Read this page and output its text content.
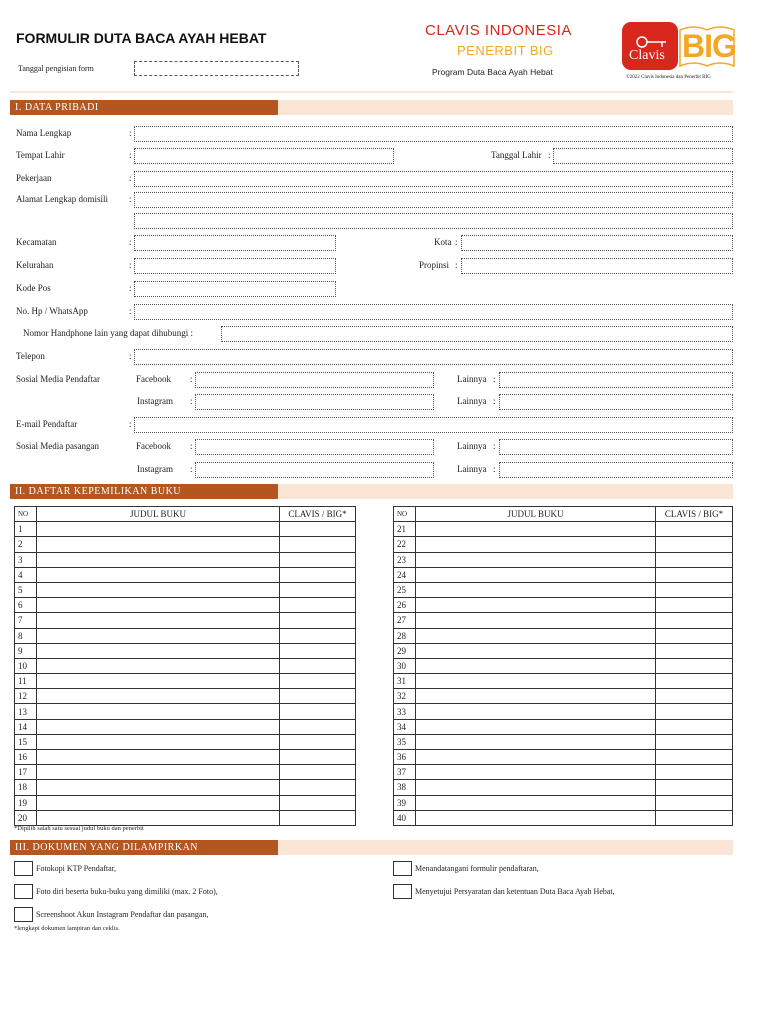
FORMULIR DUTA BACA AYAH HEBAT
Tanggal pengisian form
CLAVIS INDONESIA
PENERBIT BIG
Program Duta Baca Ayah Hebat
Clavis BIG
©2022 Clavis Indonesia dan Penerbit BIG
I. DATA PRIBADI
Nama Lengkap	:
Tempat Lahir	:	Tanggal Lahir :
Pekerjaan	:
Alamat Lengkap domisili :
Kecamatan	:	Kota :
Kelurahan	:	Propinsi :
Kode Pos	:
No. Hp / WhatsApp	:
Nomor Handphone lain yang dapat dihubungi :
Telepon	:
Sosial Media Pendaftar	Facebook :	Lainnya :
Instagram :	Lainnya :
E-mail Pendaftar	:
Sosial Media pasangan	Facebook :	Lainnya :
Instagram :	Lainnya :
II. DAFTAR KEPEMILIKAN BUKU
NO	JUDUL BUKU	CLAVIS / BIG*
1		
2		
3		
4		
5		
6		
7		
8		
9		
10		
11		
12		
13		
14		
15		
16		
17		
18		
19		
20		
NO	JUDUL BUKU	CLAVIS / BIG*
21		
22		
23		
24		
25		
26		
27		
28		
29		
30		
31		
32		
33		
34		
35		
36		
37		
38		
39		
40		
*Dipilih salah satu sesuai judul buku dan penerbit
III. DOKUMEN YANG DILAMPIRKAN
Fotokopi KTP Pendaftar,
Foto diri beserta buku-buku yang dimiliki (max. 2 Foto),
Screenshoot Akun Instagram Pendaftar dan pasangan,
Menandatangani formulir pendaftaran,
Menyetujui Persyaratan dan ketentuan Duta Baca Ayah Hebat,
*lengkapi dokumen lampiran dan ceklis.
